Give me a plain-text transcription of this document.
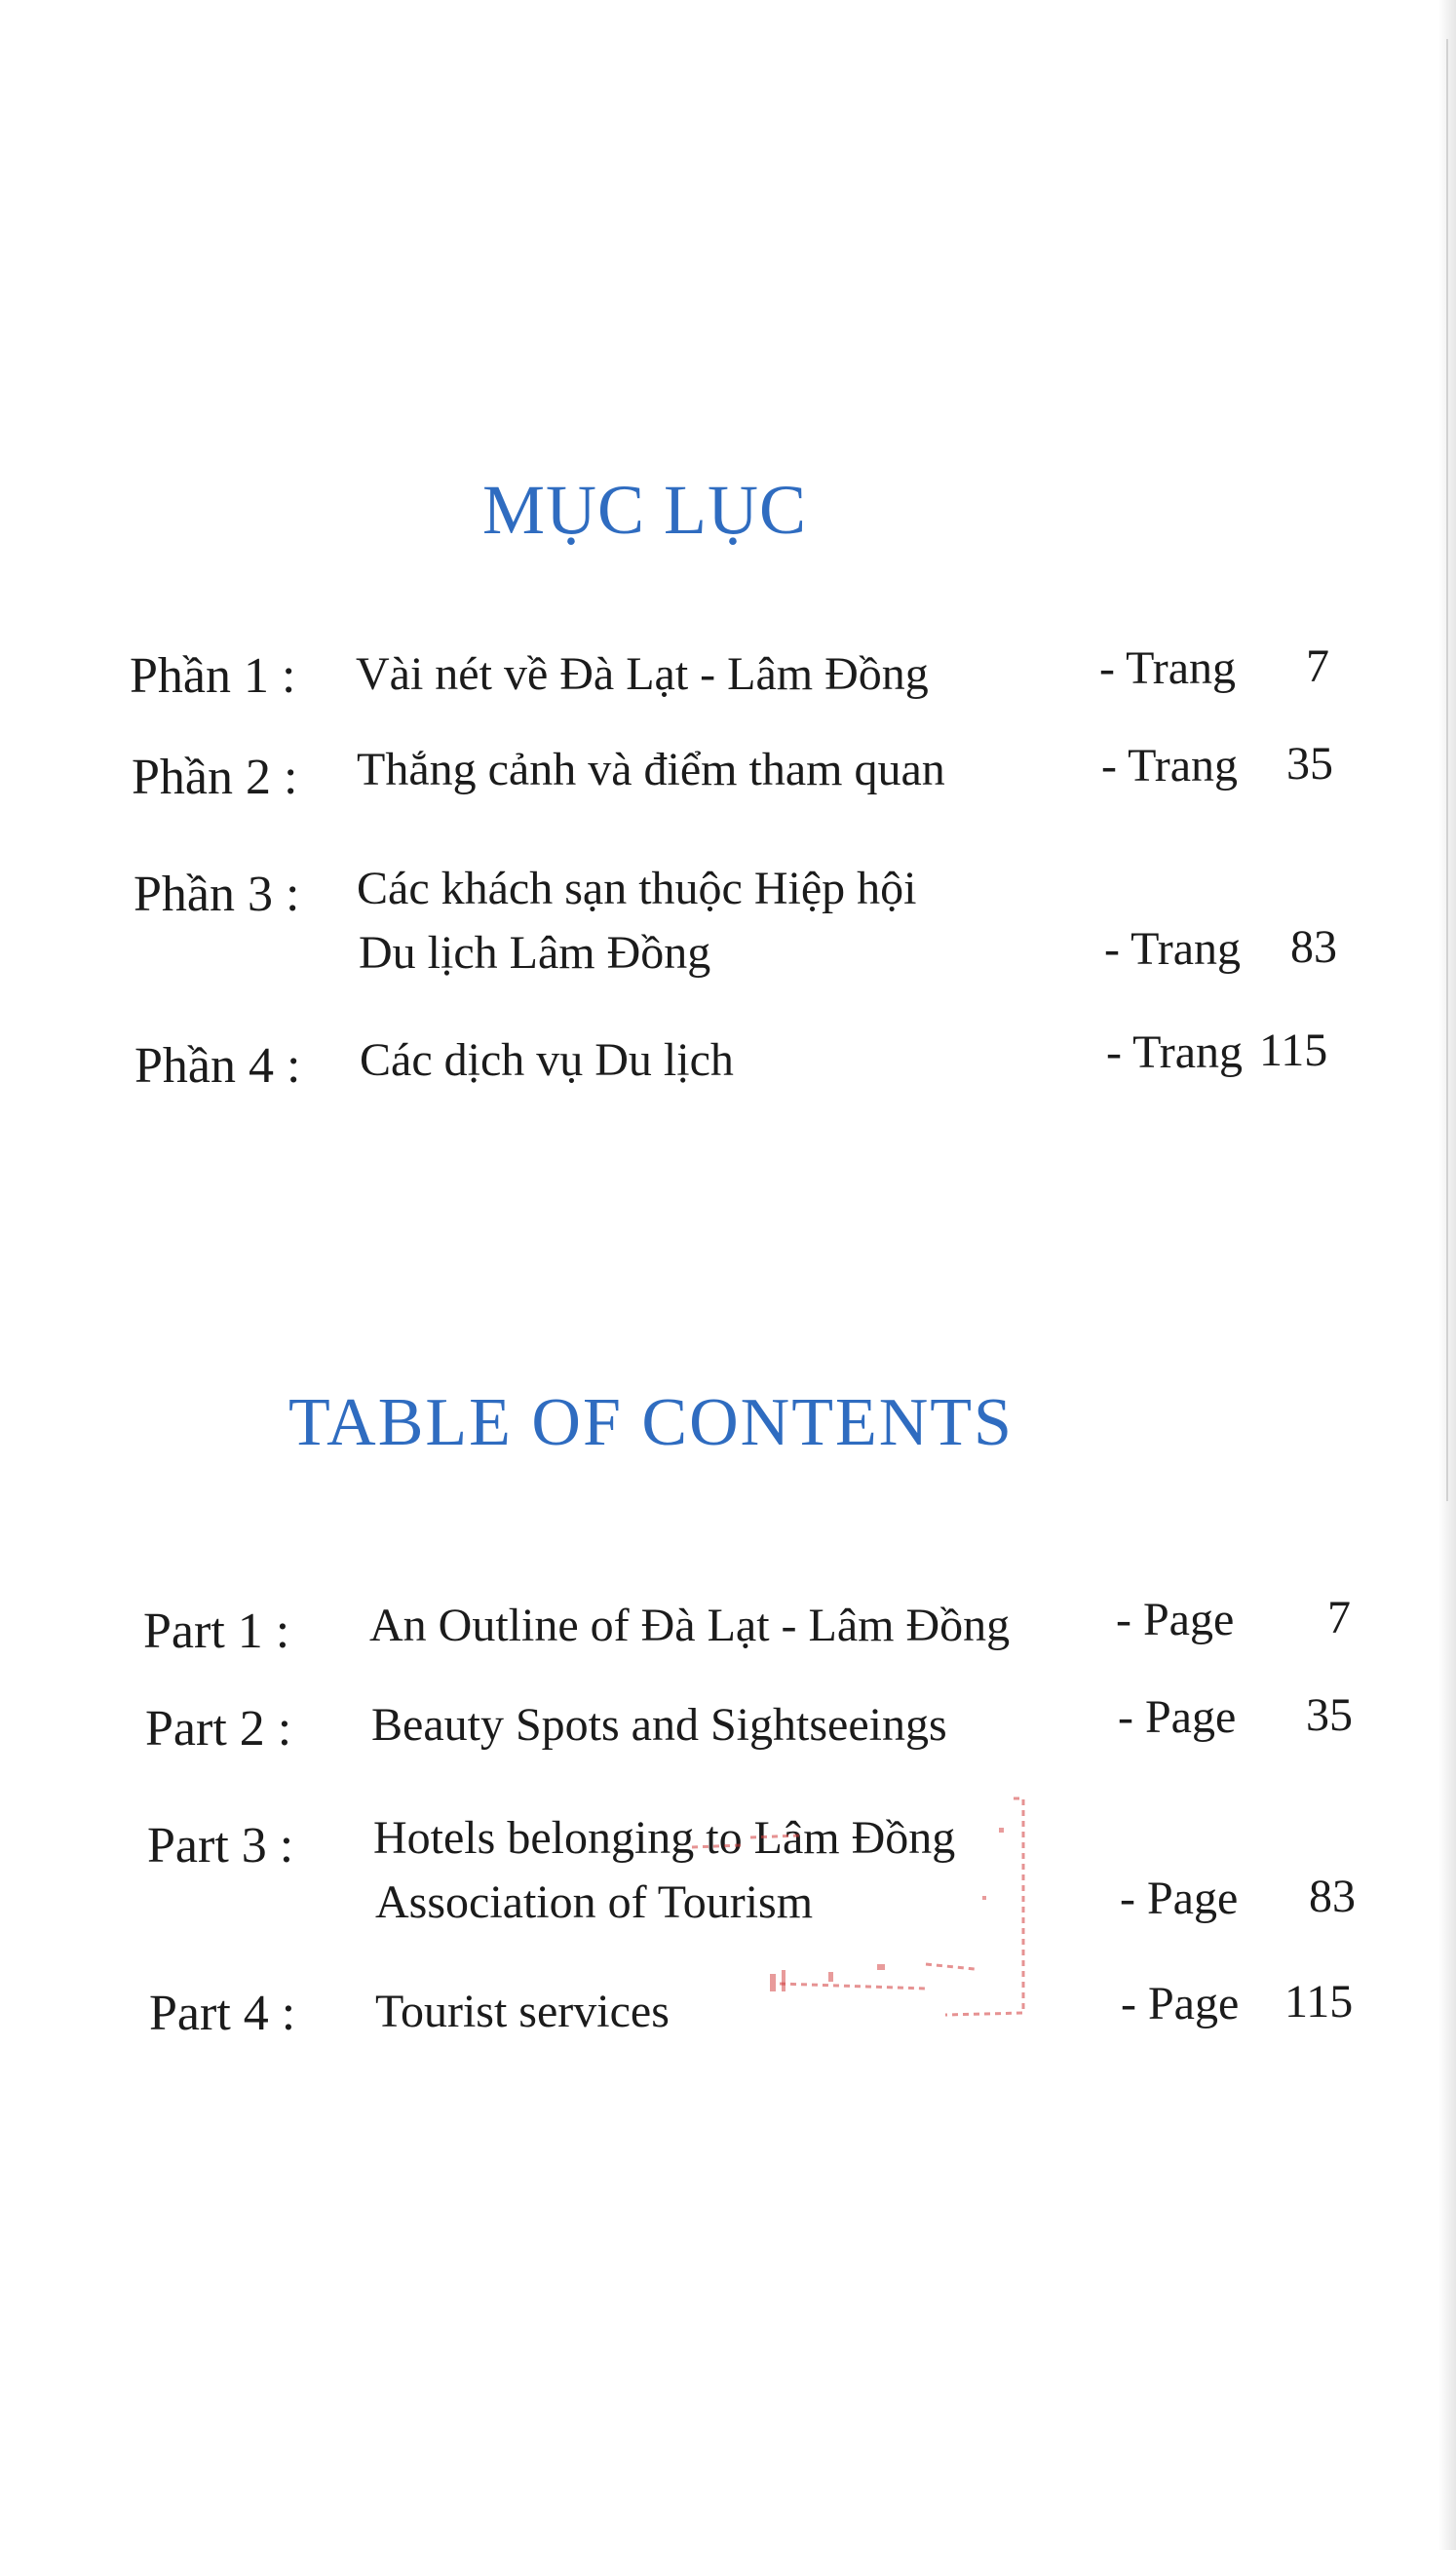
MỤC LỤC
Phần 1 : Vài nét về Đà Lạt - Lâm Đồng	- Trang 7
Phần 2 : Thắng cảnh và điểm tham quan	- Trang 35
Phần 3 : Các khách sạn thuộc Hiệp hội
Du lịch Lâm Đồng	- Trang 83
Phần 4 : Các dịch vụ Du lịch	- Trang 115
TABLE OF CONTENTS
Part 1 : An Outline of Đà Lạt - Lâm Đồng - Page 7
Part 2 : Beauty Spots and Sightseeings	- Page 35
Part 3 : Hotels belonging to Lâm Đồng
Association of Tourism	- Page 83
Part 4 : Tourist services	- Page 115
